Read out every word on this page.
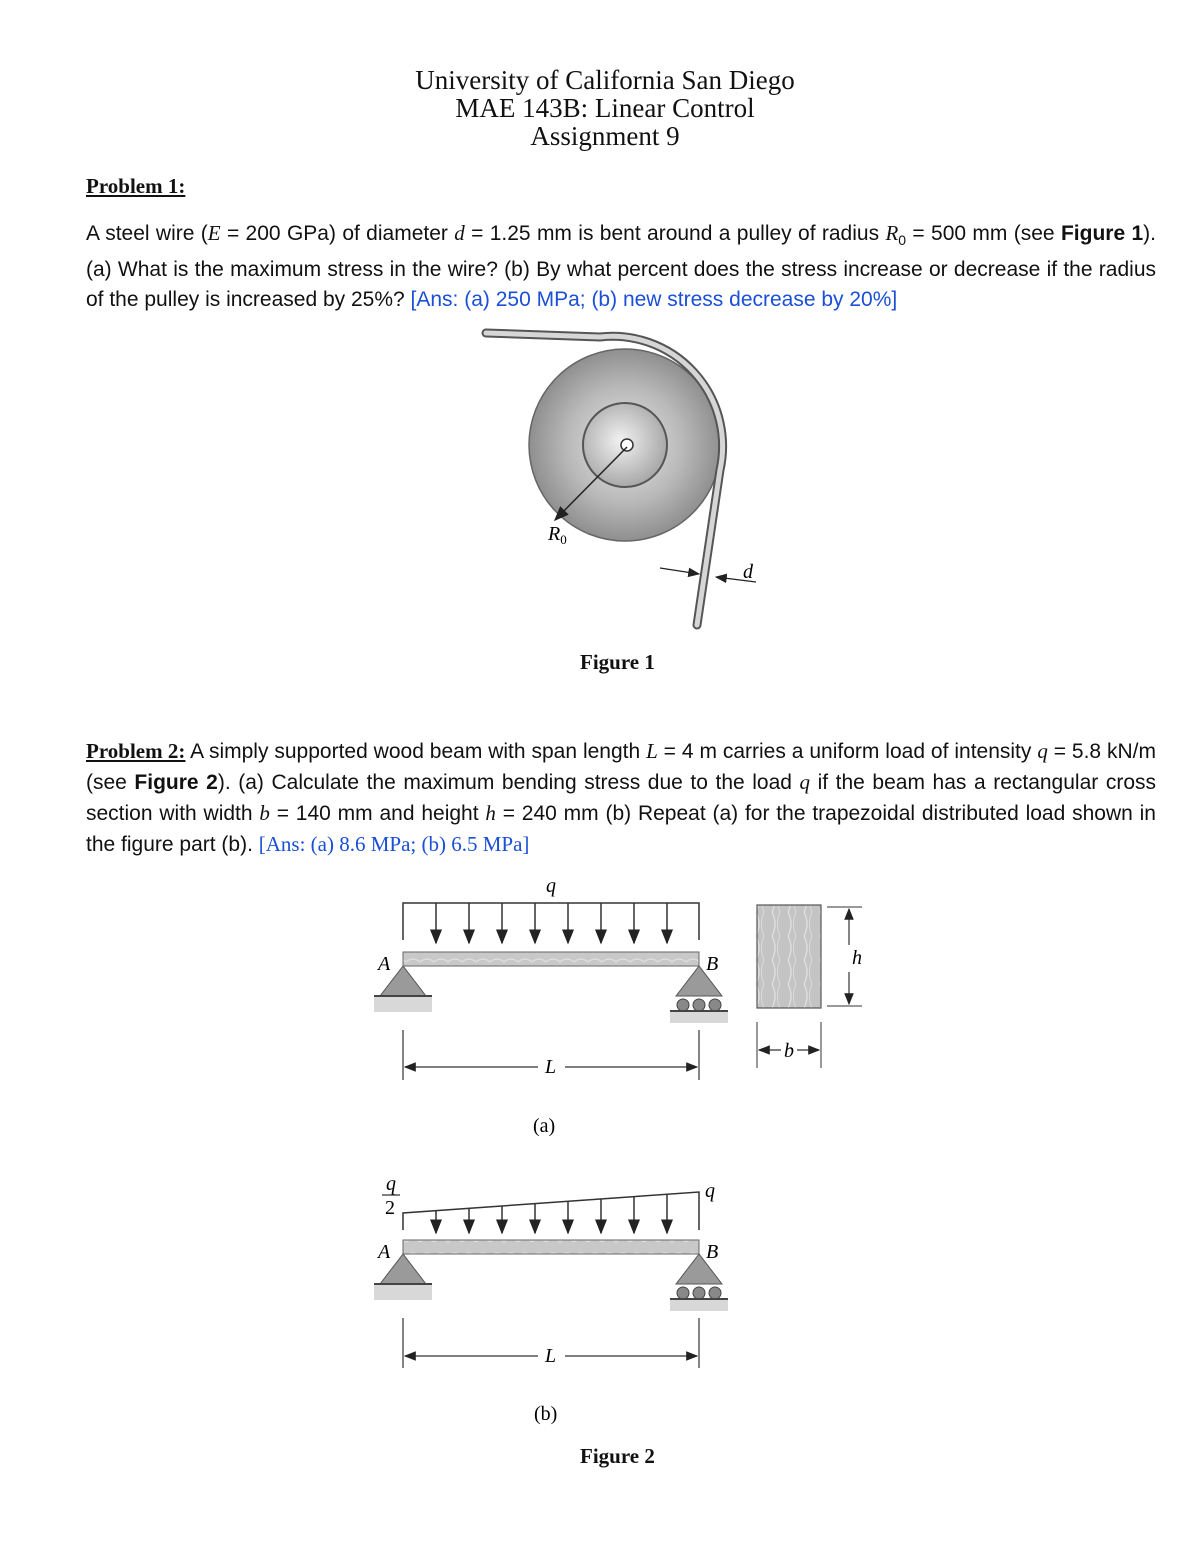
University of California San Diego
MAE 143B: Linear Control
Assignment 9
Problem 1:
A steel wire (E = 200 GPa) of diameter d = 1.25 mm is bent around a pulley of radius $R_0 = 500$ mm (see Figure 1). (a) What is the maximum stress in the wire? (b) By what percent does the stress increase or decrease if the radius of the pulley is increased by 25%? [Ans: (a) 250 MPa; (b) new stress decrease by 20%]
$R_0$
d
Figure 1
Problem 2: A simply supported wood beam with span length L = 4 m carries a uniform load of intensity q = 5.8 kN/m (see Figure 2). (a) Calculate the maximum bending stress due to the load q if the beam has a rectangular cross section with width b = 140 mm and height h = 240 mm (b) Repeat (a) for the trapezoidal distributed load shown in the figure part (b). [Ans: (a) 8.6 MPa; (b) 6.5 MPa]
q
A	B
L
h
b
(a)
q
2
q
A	B
L
(b)
Figure 2
